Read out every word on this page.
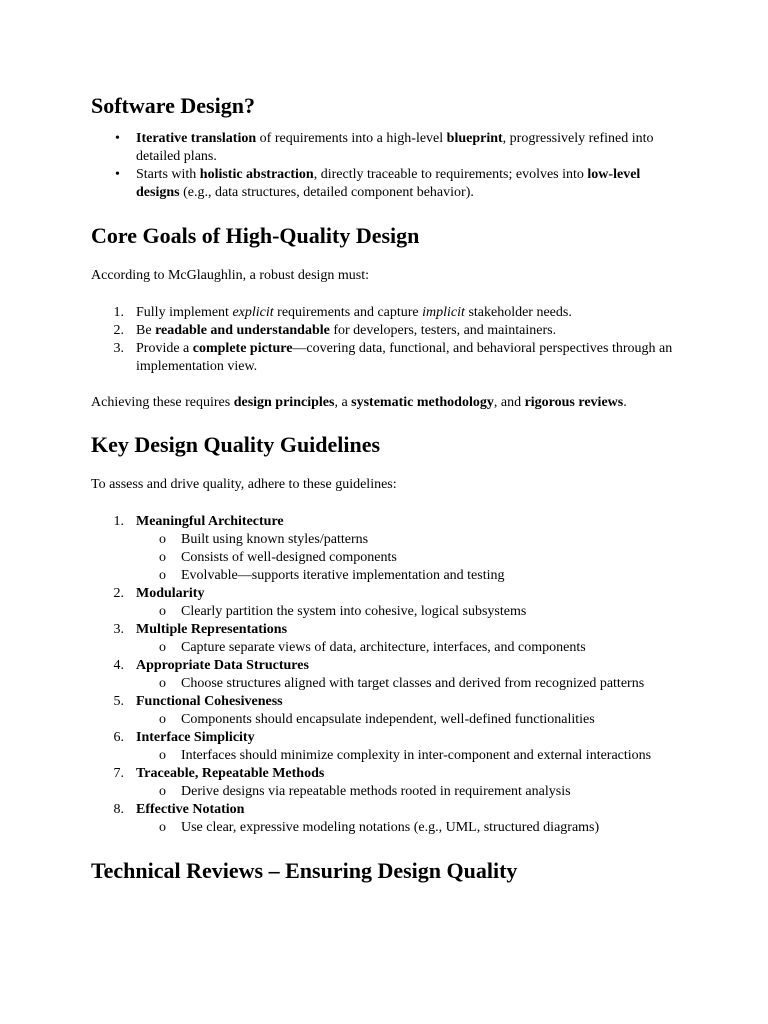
Software Design?
• Iterative translation of requirements into a high-level blueprint, progressively refined into detailed plans.
• Starts with holistic abstraction, directly traceable to requirements; evolves into low-level designs (e.g., data structures, detailed component behavior).
Core Goals of High-Quality Design

According to McGlaughlin, a robust design must:

1. Fully implement explicit requirements and capture implicit stakeholder needs.
2. Be readable and understandable for developers, testers, and maintainers.
3. Provide a complete picture—covering data, functional, and behavioral perspectives through an implementation view.

Achieving these requires design principles, a systematic methodology, and rigorous reviews.

Key Design Quality Guidelines

To assess and drive quality, adhere to these guidelines:

1. Meaningful Architecture
o Built using known styles/patterns
o Consists of well-designed components
o Evolvable—supports iterative implementation and testing
2. Modularity
o Clearly partition the system into cohesive, logical subsystems
3. Multiple Representations
o Capture separate views of data, architecture, interfaces, and components
4. Appropriate Data Structures
o Choose structures aligned with target classes and derived from recognized patterns
5. Functional Cohesiveness
o Components should encapsulate independent, well-defined functionalities
6. Interface Simplicity
o Interfaces should minimize complexity in inter-component and external interactions
7. Traceable, Repeatable Methods
o Derive designs via repeatable methods rooted in requirement analysis
8. Effective Notation
o Use clear, expressive modeling notations (e.g., UML, structured diagrams)
Technical Reviews – Ensuring Design Quality
